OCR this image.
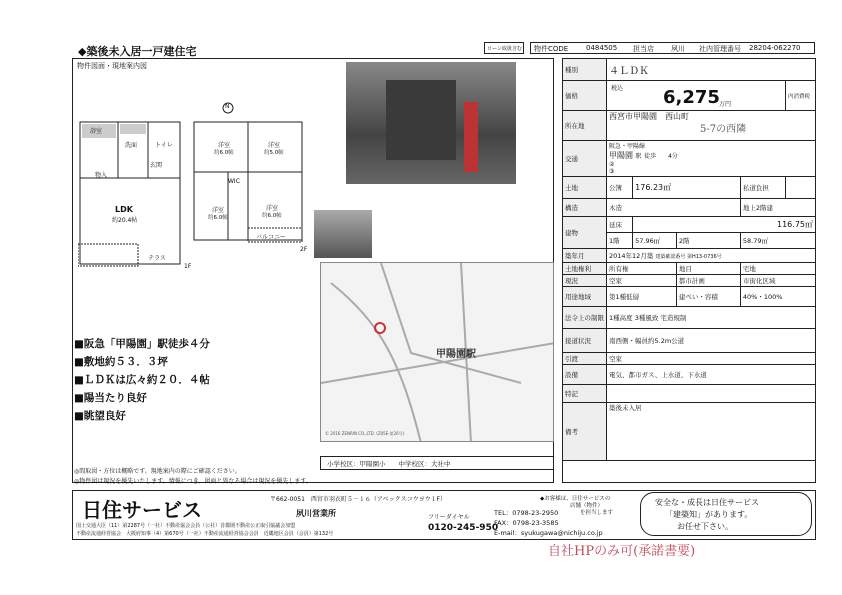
◆築後未入居一戸建住宅	ローン取扱含む 物件CODE	0484505 担当店 夙川 社内管理番号 28204-062270
物件図面・現地案内図
N
浴室
洗面	トイレ
玄関
物入
LDK
約20.4帖
テラス
1F
洋室
約6.0帖
洋室
約5.0帖
WIC
洋室
約6.0帖
洋室
約6.0帖
バルコニー
2F
甲陽園駅
© 2016 ZENRIN CO.,LTD. (Z05E-第26号)
■阪急「甲陽園」駅徒歩４分
■敷地約５３．３坪
■ＬＤＫは広々約２０．４帖
■陽当たり良好
■眺望良好
小学校区：甲陽園小　　中学校区：大社中
◎間取図・方位は概略です。現地案内の際にご確認ください。
◎物件図は現況を優先いたします。情報につき、図面と異なる場合は現況を優先します。
種別	４ＬＤＫ				
価格	税込 6,275 万円				内消費税
所在地	西宮市甲陽園　西山町				
交通	阪急・甲陽線
甲陽園 駅 徒歩　　4分
②
③				

土地	公簿	176.23㎡		私道負担	
構造	木造			地上2階建	
建物	延床	116.75㎡			
	1階	57.96㎡	2階	58.79㎡	
築年月	2014年12月築 建築確認番号 第H13-0736号				
土地権利	所有権		地目	宅地	
現況	空家		都市計画	市街化区域	
用途地域	第1種低層		建ぺい・容積	40%・100%	
法令上の制限	1種高度 3種風致 宅造規制				
接道状況	南西側・幅員約5.2m公道				
引渡	空家				
設備	電気、都市ガス、上水道、下水道				
特記					
備考	築後未入居				
5-7の西隣
日住サービス	〒662-0051　西宮市羽衣町５－１６（アベックスコウヨウ１F）
夙川営業所
国土交通大臣（11）第2287号（一社）不動産協会会員（公社）首都圏不動産公正取引協議会加盟
不動産流通経営協会　大阪府知事（4）第670号（一社）不動産流通経営協会会員　近畿地区会員（会員）第132号
フリーダイヤル
0120-245-950
TEL：0798-23-2950
FAX：0798-23-3585
E-mail：syukugawa@nichiju.co.jp
◆お客様は、日住サービスの
店舗（物件）
を担当します
安全な・成長は日住サービス
「建築知」があります。
お任せ下さい。
自社HPのみ可(承諾書要)
